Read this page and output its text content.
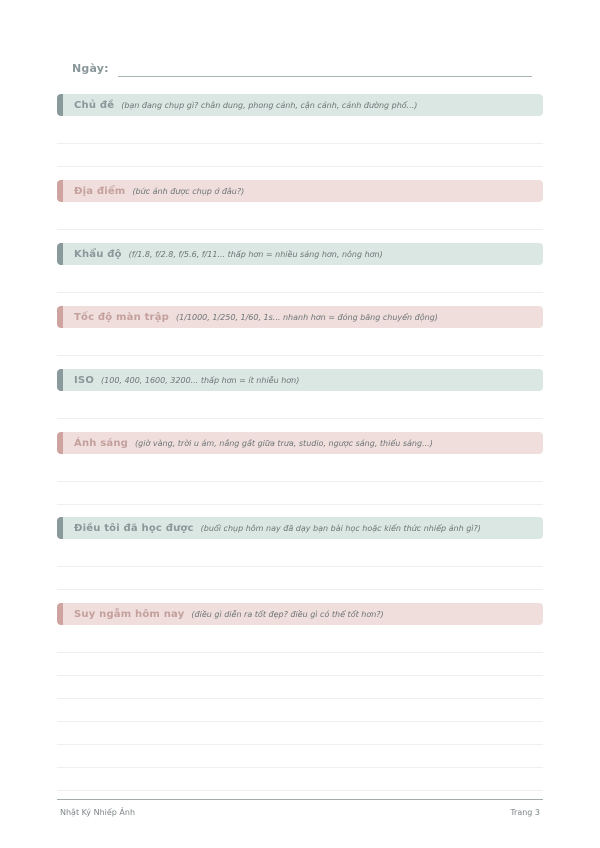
Ngày:
Chủ đề (bạn đang chụp gì? chân dung, phong cảnh, cận cảnh, cảnh đường phố...)
Địa điểm (bức ảnh được chụp ở đâu?)
Khẩu độ (f/1.8, f/2.8, f/5.6, f/11... thấp hơn = nhiều sáng hơn, nông hơn)
Tốc độ màn trập (1/1000, 1/250, 1/60, 1s... nhanh hơn = đóng băng chuyển động)
ISO (100, 400, 1600, 3200... thấp hơn = ít nhiễu hơn)
Ánh sáng (giờ vàng, trời u ám, nắng gắt giữa trưa, studio, ngược sáng, thiếu sáng...)
Điều tôi đã học được (buổi chụp hôm nay đã dạy bạn bài học hoặc kiến thức nhiếp ảnh gì?)
Suy ngẫm hôm nay (điều gì diễn ra tốt đẹp? điều gì có thể tốt hơn?)
Nhật Ký Nhiếp Ảnh	Trang 3
